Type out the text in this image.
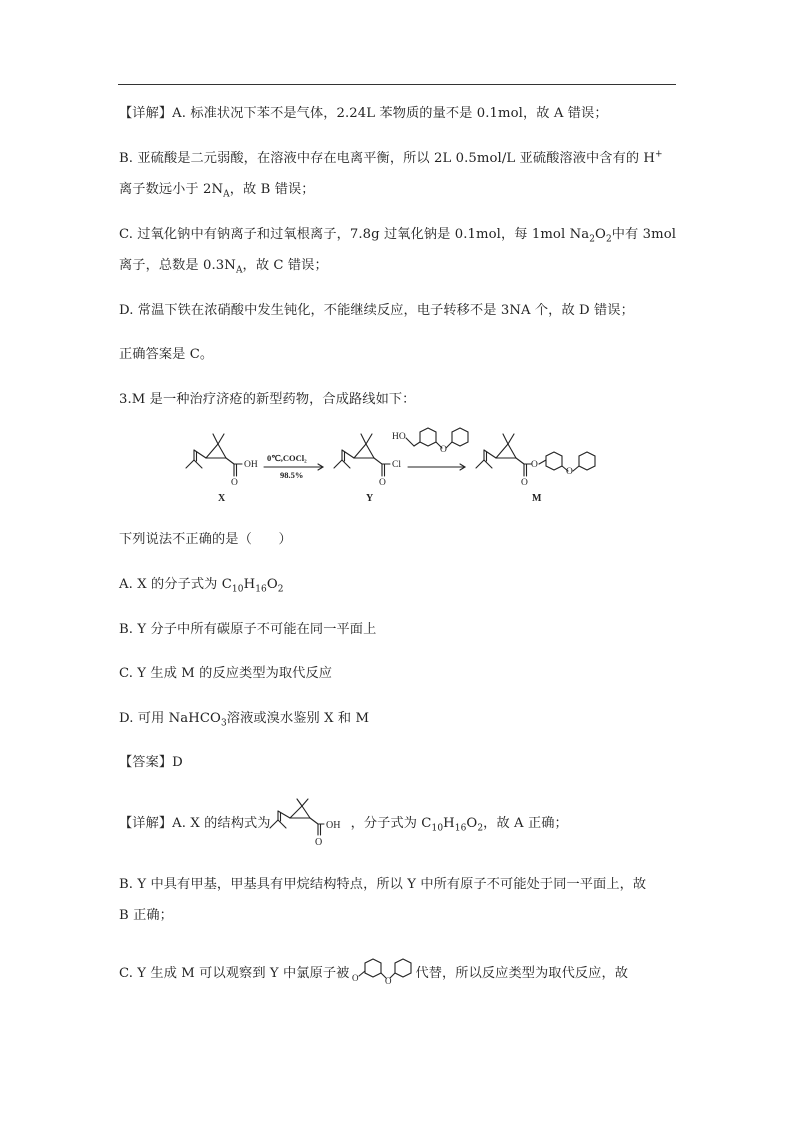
【详解】A. 标准状况下苯不是气体，2.24L 苯物质的量不是 0.1mol，故 A 错误；
B. 亚硫酸是二元弱酸，在溶液中存在电离平衡，所以 2L 0.5mol/L 亚硫酸溶液中含有的 H+
离子数远小于 $2N_A$，故 B 错误；
C. 过氧化钠中有钠离子和过氧根离子，7.8g 过氧化钠是 0.1mol，每 1mol $Na_2O_2$中有 3mol
离子，总数是 $0.3N_A$，故 C 错误；
D. 常温下铁在浓硝酸中发生钝化，不能继续反应，电子转移不是 3NA 个，故 D 错误；
正确答案是 C。
3.M 是一种治疗济疮的新型药物，合成路线如下：
OH
O
Cl
O
HO
O
O
O
O
0℃,COCl₂
98.5%
X	Y	M
下列说法不正确的是（　　）
A. X 的分子式为 $C_{10}H_{16}O_2$
B. Y 分子中所有碳原子不可能在同一平面上
C. Y 生成 M 的反应类型为取代反应
D. 可用 NaHCO$_3$溶液或溴水鉴别 X 和 M
【答案】D
【详解】A. X 的结构式为	，分子式为 $C_{10}H_{16}O_2$，故 A 正确；
OH
O
B. Y 中具有甲基，甲基具有甲烷结构特点，所以 Y 中所有原子不可能处于同一平面上，故
B 正确；
C. Y 生成 M 可以观察到 Y 中氯原子被	代替，所以反应类型为取代反应，故
O	O
